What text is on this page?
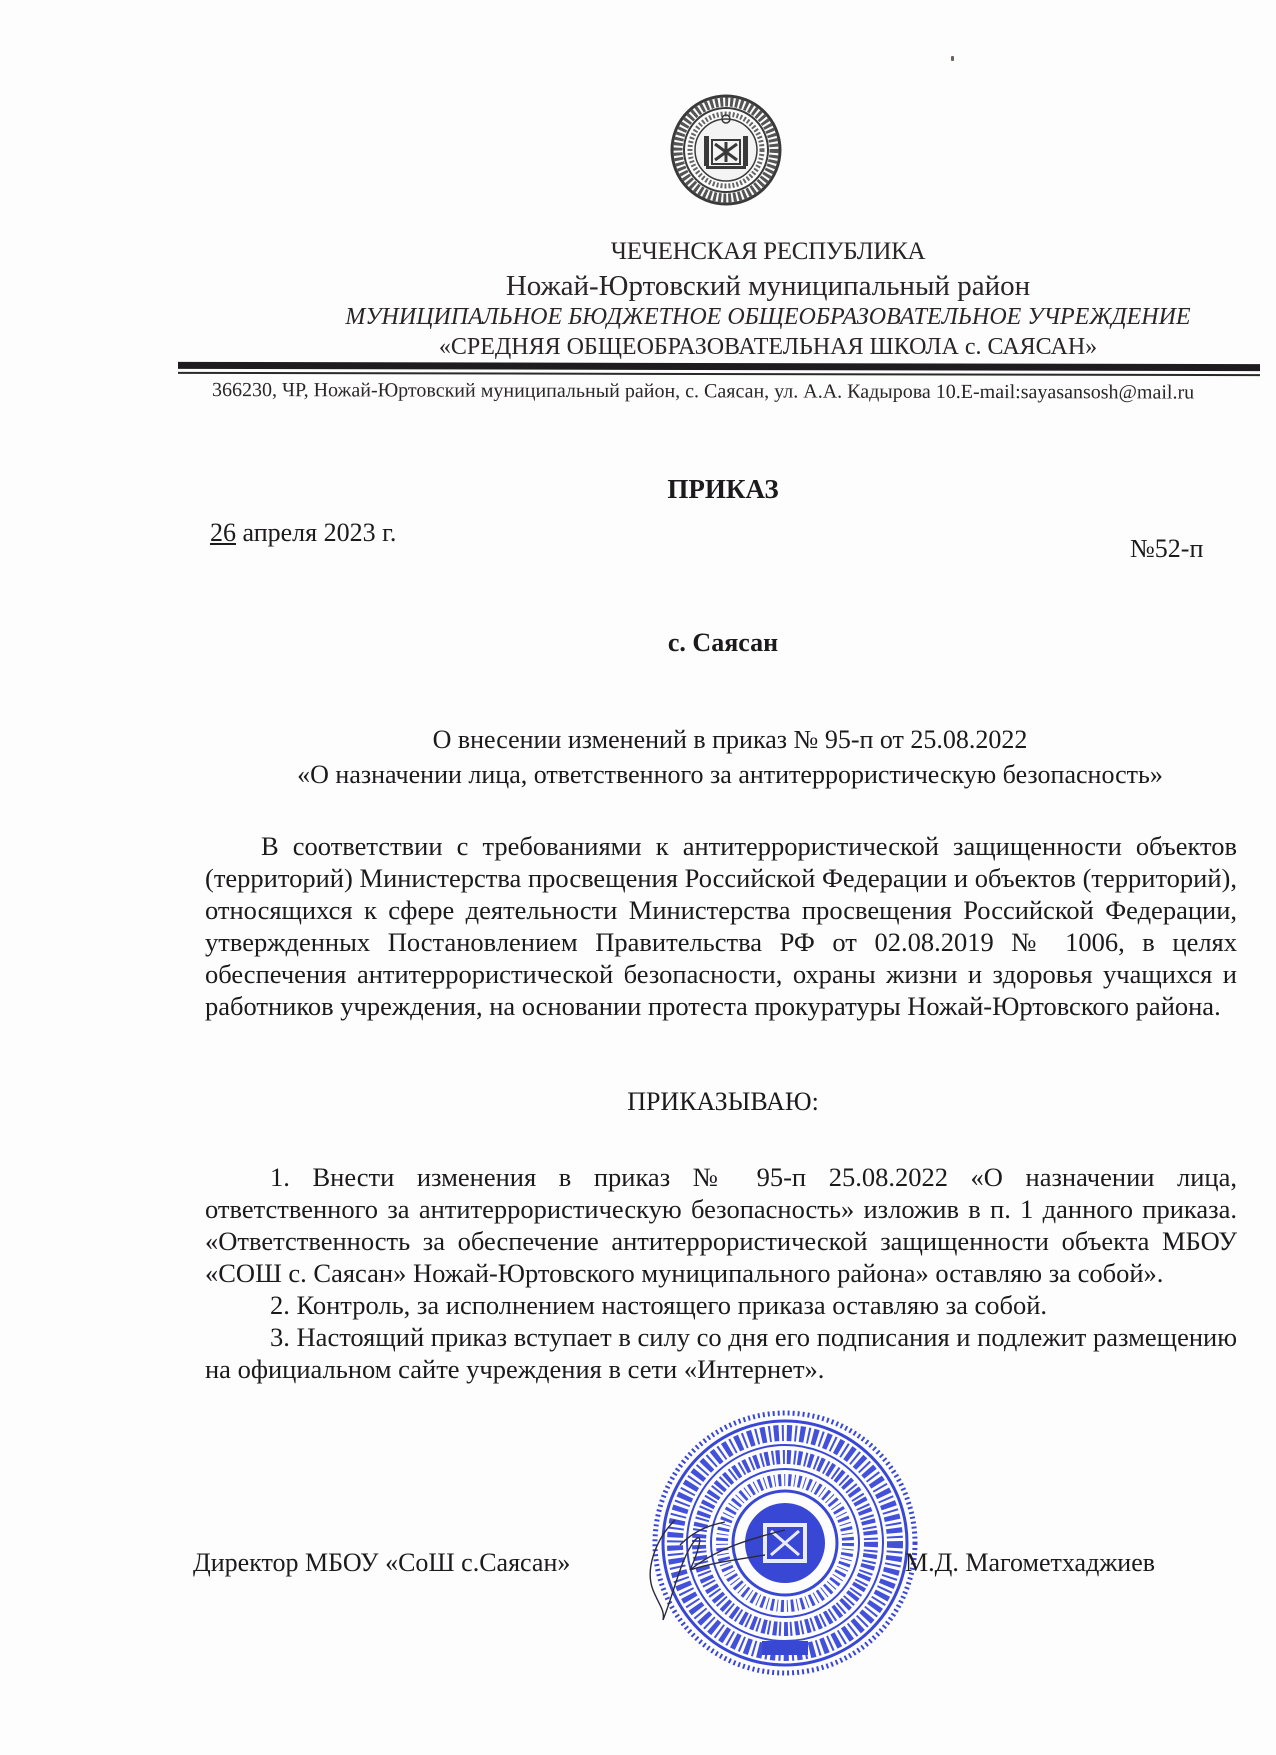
ЧЕЧЕНСКАЯ РЕСПУБЛИКА
Ножай-Юртовский муниципальный район
МУНИЦИПАЛЬНОЕ БЮДЖЕТНОЕ ОБЩЕОБРАЗОВАТЕЛЬНОЕ УЧРЕЖДЕНИЕ
«СРЕДНЯЯ ОБЩЕОБРАЗОВАТЕЛЬНАЯ ШКОЛА с. САЯСАН»
366230, ЧР, Ножай-Юртовский муниципальный район, с. Саясан, ул. А.А. Кадырова 10.E-mail:sayasansosh@mail.ru
ПРИКАЗ
26 апреля 2023 г.
№52-п
с. Саясан
О внесении изменений в приказ № 95-п от 25.08.2022
«О назначении лица, ответственного за антитеррористическую безопасность»
В соответствии с требованиями к антитеррористической защищенности объектов (территорий) Министерства просвещения Российской Федерации и объектов (территорий), относящихся к сфере деятельности Министерства просвещения Российской Федерации, утвержденных Постановлением Правительства РФ от 02.08.2019 № 1006, в целях обеспечения антитеррористической безопасности, охраны жизни и здоровья учащихся и работников учреждения, на основании протеста прокуратуры Ножай-Юртовского района.
ПРИКАЗЫВАЮ:
1. Внести изменения в приказ № 95-п 25.08.2022 «О назначении лица, ответственного за антитеррористическую безопасность» изложив в п. 1 данного приказа. «Ответственность за обеспечение антитеррористической защищенности объекта МБОУ «СОШ с. Саясан» Ножай-Юртовского муниципального района» оставляю за собой».
2. Контроль, за исполнением настоящего приказа оставляю за собой.
3. Настоящий приказ вступает в силу со дня его подписания и подлежит размещению на официальном сайте учреждения в сети «Интернет».
Директор МБОУ «СоШ с.Саясан»	М.Д. Магометхаджиев
